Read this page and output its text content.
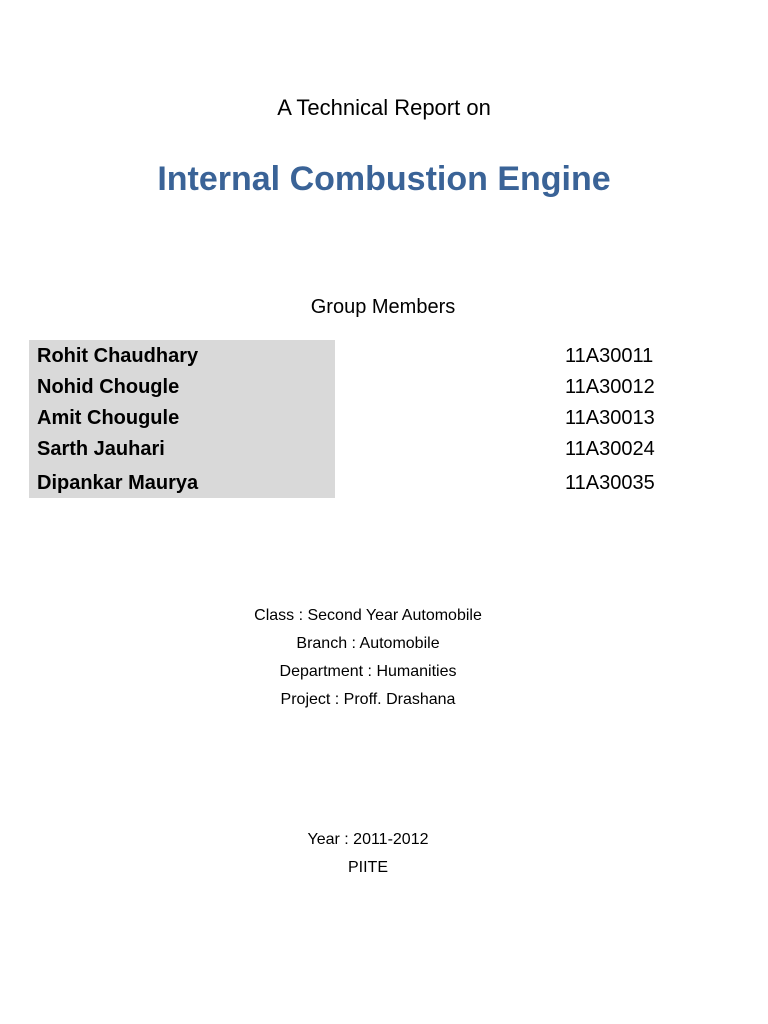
A Technical Report on
Internal Combustion Engine
Group Members
Rohit Chaudhary	11A30011
Nohid Chougle	11A30012
Amit Chougule	11A30013
Sarth Jauhari	11A30024
Dipankar Maurya	11A30035
Class : Second Year Automobile
Branch : Automobile
Department : Humanities
Project : Proff. Drashana
Year : 2011-2012
PIITE
